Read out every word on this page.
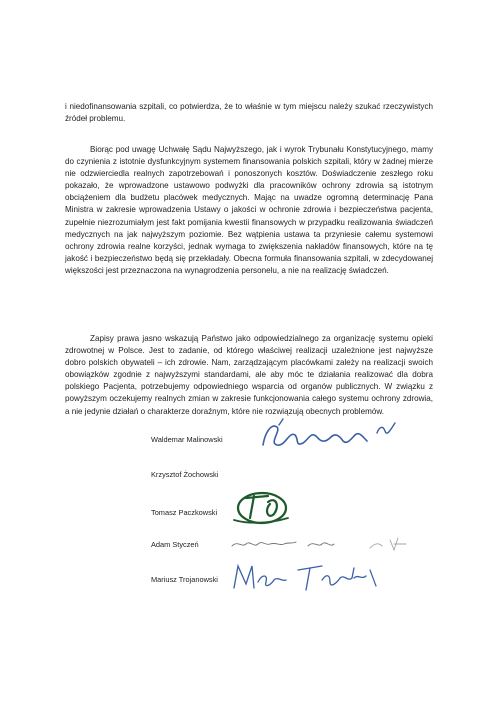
i niedofinansowania szpitali, co potwierdza, że to właśnie w tym miejscu należy szukać rzeczywistych źródeł problemu.

Biorąc pod uwagę Uchwałę Sądu Najwyższego, jak i wyrok Trybunału Konstytucyjnego, mamy do czynienia z istotnie dysfunkcyjnym systemem finansowania polskich szpitali, który w żadnej mierze nie odzwierciedla realnych zapotrzebowań i ponoszonych kosztów. Doświadczenie zeszłego roku pokazało, że wprowadzone ustawowo podwyżki dla pracowników ochrony zdrowia są istotnym obciążeniem dla budżetu placówek medycznych. Mając na uwadze ogromną determinację Pana Ministra w zakresie wprowadzenia Ustawy o jakości w ochronie zdrowia i bezpieczeństwa pacjenta, zupełnie niezrozumiałym jest fakt pomijania kwestii finansowych w przypadku realizowania świadczeń medycznych na jak najwyższym poziomie. Bez wątpienia ustawa ta przyniesie całemu systemowi ochrony zdrowia realne korzyści, jednak wymaga to zwiększenia nakładów finansowych, które na tę jakość i bezpieczeństwo będą się przekładały. Obecna formuła finansowania szpitali, w zdecydowanej większości jest przeznaczona na wynagrodzenia personelu, a nie na realizację świadczeń.

Zapisy prawa jasno wskazują Państwo jako odpowiedzialnego za organizację systemu opieki zdrowotnej w Polsce. Jest to zadanie, od którego właściwej realizacji uzależnione jest najwyższe dobro polskich obywateli – ich zdrowie. Nam, zarządzającym placówkami zależy na realizacji swoich obowiązków zgodnie z najwyższymi standardami, ale aby móc te działania realizować dla dobra polskiego Pacjenta, potrzebujemy odpowiedniego wsparcia od organów publicznych. W związku z powyższym oczekujemy realnych zmian w zakresie funkcjonowania całego systemu ochrony zdrowia, a nie jedynie działań o charakterze doraźnym, które nie rozwiązują obecnych problemów.

Waldemar Malinowski
Krzysztof Żochowski
Tomasz Paczkowski
Adam Styczeń
Mariusz Trojanowski
